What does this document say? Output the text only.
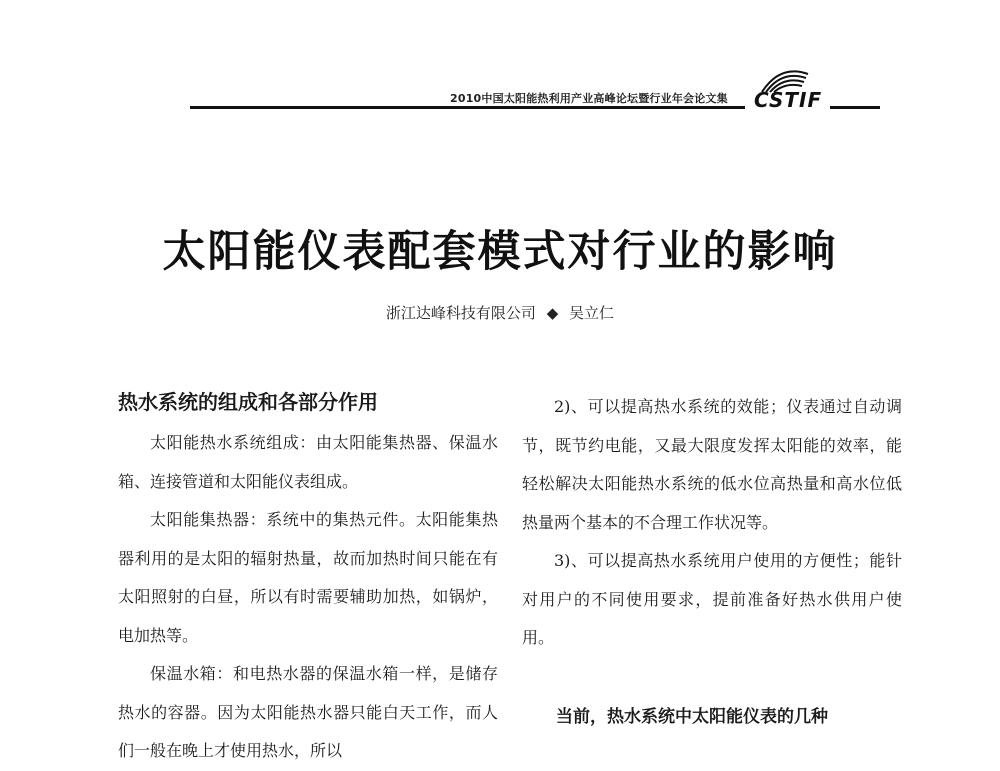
2010中国太阳能热利用产业高峰论坛暨行业年会论文集 CSTIF
太阳能仪表配套模式对行业的影响
浙江达峰科技有限公司 ◆ 吴立仁

热水系统的组成和各部分作用

太阳能热水系统组成：由太阳能集热器、保温水箱、连接管道和太阳能仪表组成。

太阳能集热器：系统中的集热元件。太阳能集热器利用的是太阳的辐射热量，故而加热时间只能在有太阳照射的白昼，所以有时需要辅助加热，如锅炉，电加热等。

保温水箱：和电热水器的保温水箱一样，是储存热水的容器。因为太阳能热水器只能白天工作，而人们一般在晚上才使用热水，所以

2)、可以提高热水系统的效能；仪表通过自动调节，既节约电能，又最大限度发挥太阳能的效率，能轻松解决太阳能热水系统的低水位高热量和高水位低热量两个基本的不合理工作状况等。

3)、可以提高热水系统用户使用的方便性；能针对用户的不同使用要求，提前准备好热水供用户使用。

当前，热水系统中太阳能仪表的几种
